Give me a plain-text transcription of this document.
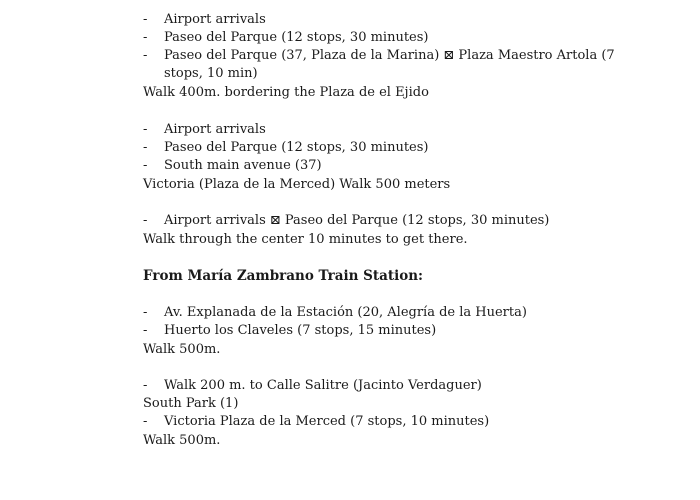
- Airport arrivals
- Paseo del Parque (12 stops, 30 minutes)
- Paseo del Parque (37, Plaza de la Marina) ⊠ Plaza Maestro Artola (7
stops, 10 min)
Walk 400m. bordering the Plaza de el Ejido
- Airport arrivals
- Paseo del Parque (12 stops, 30 minutes)
- South main avenue (37)
Victoria (Plaza de la Merced) Walk 500 meters
- Airport arrivals ⊠ Paseo del Parque (12 stops, 30 minutes)
Walk through the center 10 minutes to get there.
From María Zambrano Train Station:
- Av. Explanada de la Estación (20, Alegría de la Huerta)
- Huerto los Claveles (7 stops, 15 minutes)
Walk 500m.
- Walk 200 m. to Calle Salitre (Jacinto Verdaguer)
South Park (1)
- Victoria Plaza de la Merced (7 stops, 10 minutes)
Walk 500m.
